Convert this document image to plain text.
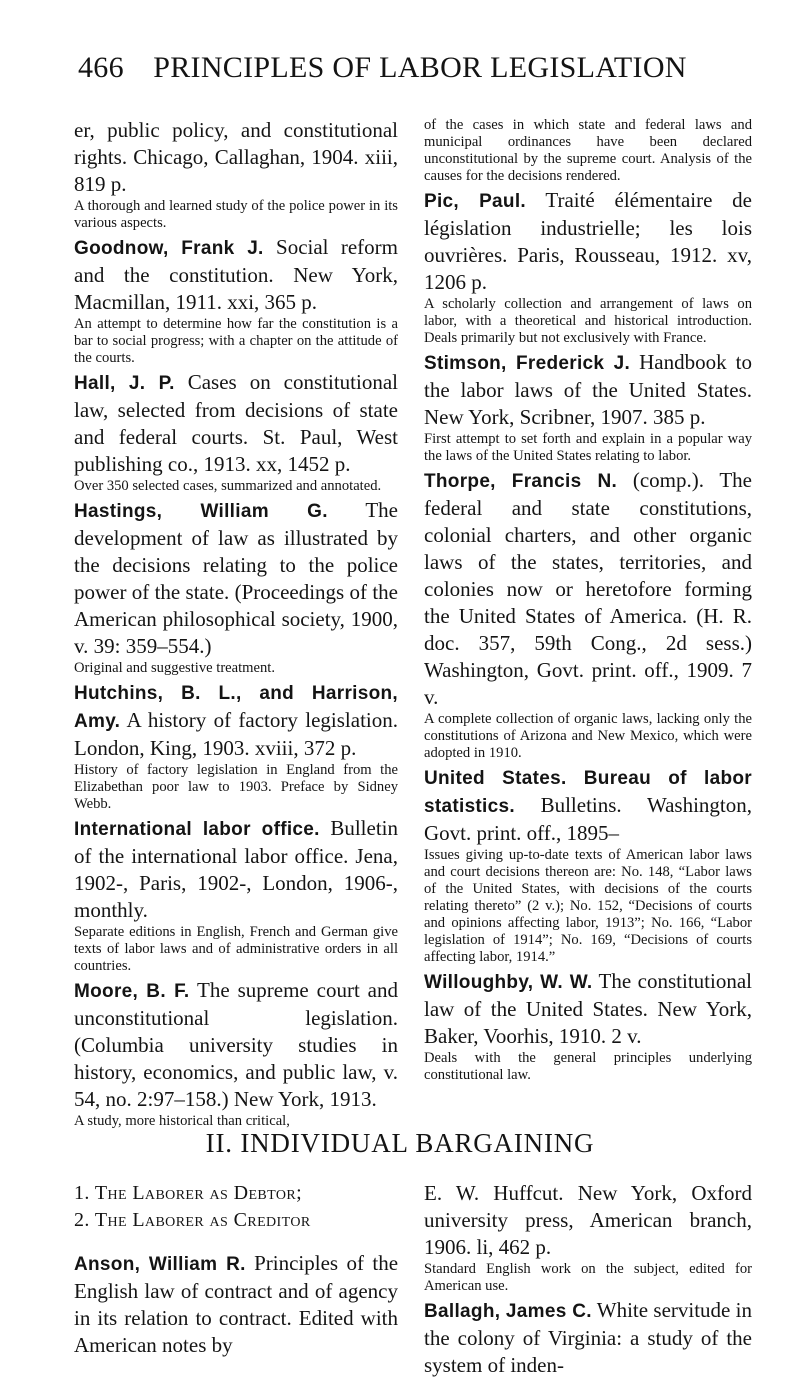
466 PRINCIPLES OF LABOR LEGISLATION

er, public policy, and constitutional rights. Chicago, Callaghan, 1904. xiii, 819 p.

A thorough and learned study of the police power in its various aspects.

Goodnow, Frank J. Social reform and the constitution. New York, Macmillan, 1911. xxi, 365 p.

An attempt to determine how far the constitution is a bar to social progress; with a chapter on the attitude of the courts.

Hall, J. P. Cases on constitutional law, selected from decisions of state and federal courts. St. Paul, West publishing co., 1913. xx, 1452 p.

Over 350 selected cases, summarized and annotated.

Hastings, William G. The development of law as illustrated by the decisions relating to the police power of the state. (Proceedings of the American philosophical society, 1900, v. 39: 359–554.)

Original and suggestive treatment.

Hutchins, B. L., and Harrison, Amy. A history of factory legislation. London, King, 1903. xviii, 372 p.

History of factory legislation in England from the Elizabethan poor law to 1903. Preface by Sidney Webb.

International labor office. Bulletin of the international labor office. Jena, 1902-, Paris, 1902-, London, 1906-, monthly.

Separate editions in English, French and German give texts of labor laws and of administrative orders in all countries.

Moore, B. F. The supreme court and unconstitutional legislation. (Columbia university studies in history, economics, and public law, v. 54, no. 2:97–158.) New York, 1913.

A study, more historical than critical,

of the cases in which state and federal laws and municipal ordinances have been declared unconstitutional by the supreme court. Analysis of the causes for the decisions rendered.

Pic, Paul. Traité élémentaire de législation industrielle; les lois ouvrières. Paris, Rousseau, 1912. xv, 1206 p.

A scholarly collection and arrangement of laws on labor, with a theoretical and historical introduction. Deals primarily but not exclusively with France.

Stimson, Frederick J. Handbook to the labor laws of the United States. New York, Scribner, 1907. 385 p.

First attempt to set forth and explain in a popular way the laws of the United States relating to labor.

Thorpe, Francis N. (comp.). The federal and state constitutions, colonial charters, and other organic laws of the states, territories, and colonies now or heretofore forming the United States of America. (H. R. doc. 357, 59th Cong., 2d sess.) Washington, Govt. print. off., 1909. 7 v.

A complete collection of organic laws, lacking only the constitutions of Arizona and New Mexico, which were adopted in 1910.

United States. Bureau of labor statistics. Bulletins. Washington, Govt. print. off., 1895–

Issues giving up-to-date texts of American labor laws and court decisions thereon are: No. 148, “Labor laws of the United States, with decisions of the courts relating thereto” (2 v.); No. 152, “Decisions of courts and opinions affecting labor, 1913”; No. 166, “Labor legislation of 1914”; No. 169, “Decisions of courts affecting labor, 1914.”

Willoughby, W. W. The constitutional law of the United States. New York, Baker, Voorhis, 1910. 2 v.

Deals with the general principles underlying constitutional law.

II. INDIVIDUAL BARGAINING

1. The Laborer as Debtor;

2. The Laborer as Creditor

Anson, William R. Principles of the English law of contract and of agency in its relation to contract. Edited with American notes by

E. W. Huffcut. New York, Oxford university press, American branch, 1906. li, 462 p.

Standard English work on the subject, edited for American use.

Ballagh, James C. White servitude in the colony of Virginia: a study of the system of inden-
